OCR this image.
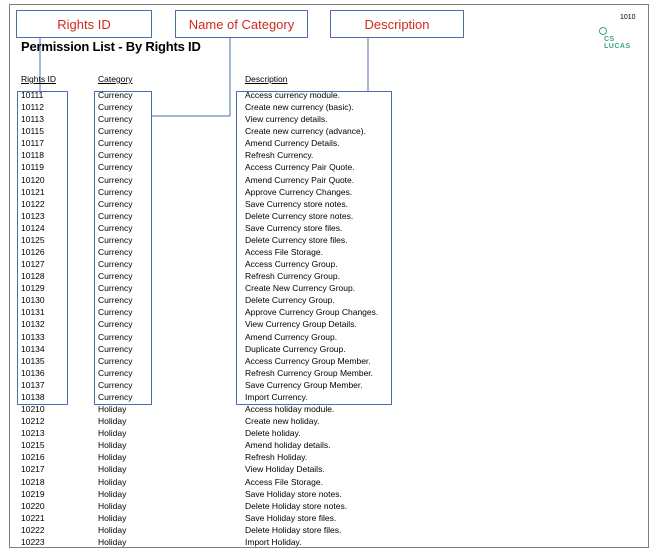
Rights ID	Name of Category	Description	1010
CS
LUCAS
Permission List - By Rights ID
Rights ID	Category	Description
10111	Currency	Access currency module.
10112	Currency	Create new currency (basic).
10113	Currency	View currency details.
10115	Currency	Create new currency (advance).
10117	Currency	Amend Currency Details.
10118	Currency	Refresh Currency.
10119	Currency	Access Currency Pair Quote.
10120	Currency	Amend Currency Pair Quote.
10121	Currency	Approve Currency Changes.
10122	Currency	Save Currency store notes.
10123	Currency	Delete Currency store notes.
10124	Currency	Save Currency store files.
10125	Currency	Delete Currency store files.
10126	Currency	Access File Storage.
10127	Currency	Access Currency Group.
10128	Currency	Refresh Currency Group.
10129	Currency	Create New Currency Group.
10130	Currency	Delete Currency Group.
10131	Currency	Approve Currency Group Changes.
10132	Currency	View Currency Group Details.
10133	Currency	Amend Currency Group.
10134	Currency	Duplicate Currency Group.
10135	Currency	Access Currency Group Member.
10136	Currency	Refresh Currency Group Member.
10137	Currency	Save Currency Group Member.
10138	Currency	Import Currency.
10210	Holiday	Access holiday module.
10212	Holiday	Create new holiday.
10213	Holiday	Delete holiday.
10215	Holiday	Amend holiday details.
10216	Holiday	Refresh Holiday.
10217	Holiday	View Holiday Details.
10218	Holiday	Access File Storage.
10219	Holiday	Save Holiday store notes.
10220	Holiday	Delete Holiday store notes.
10221	Holiday	Save Holiday store files.
10222	Holiday	Delete Holiday store files.
10223	Holiday	Import Holiday.
